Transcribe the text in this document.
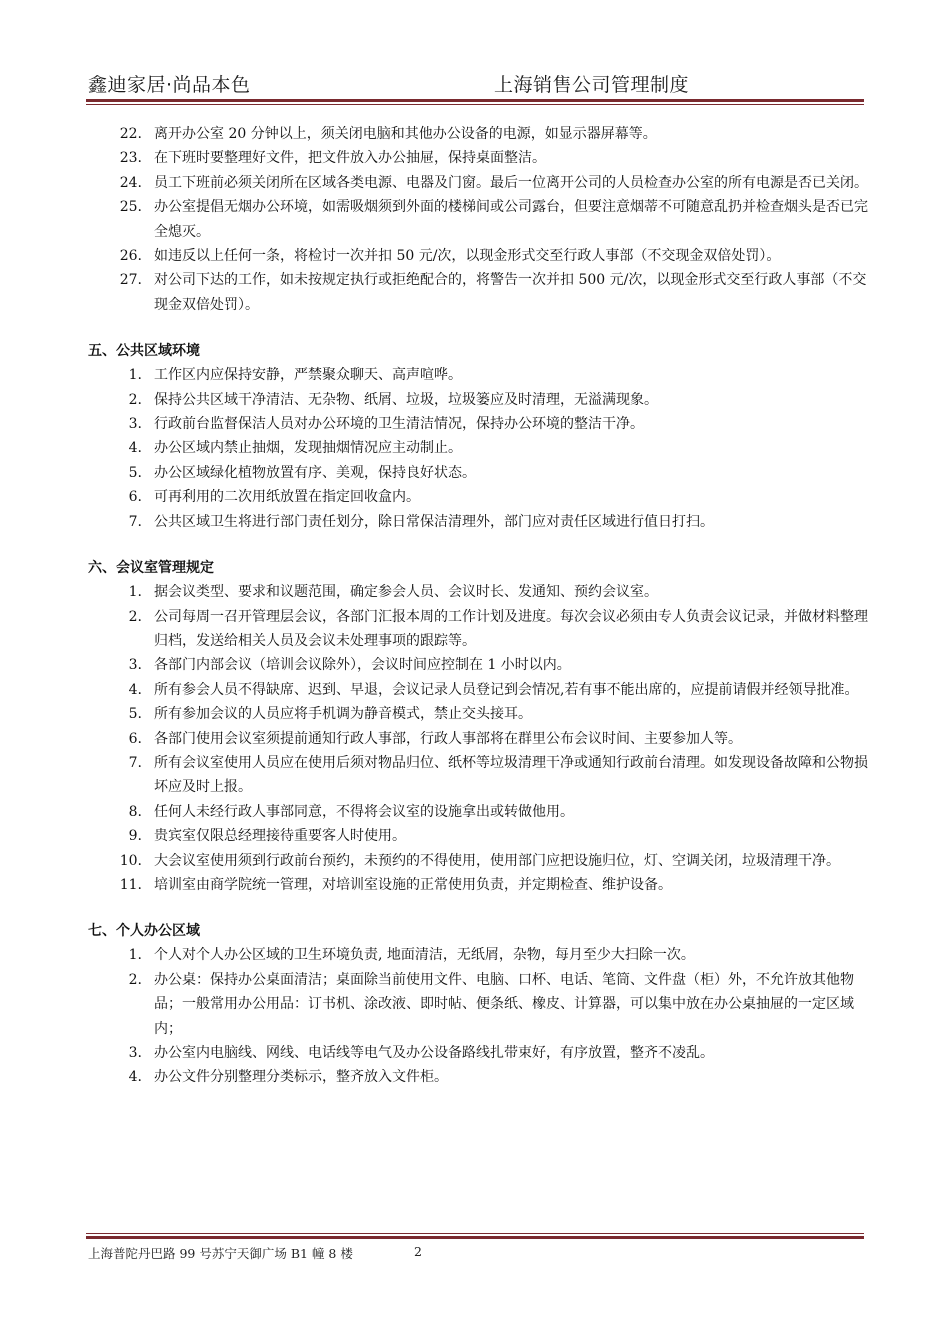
鑫迪家居·尚品本色	上海销售公司管理制度
22. 离开办公室 20 分钟以上，须关闭电脑和其他办公设备的电源，如显示器屏幕等。
23. 在下班时要整理好文件，把文件放入办公抽屉，保持桌面整洁。
24. 员工下班前必须关闭所在区域各类电源、电器及门窗。最后一位离开公司的人员检查办公室的所有电源是否已关闭。
25. 办公室提倡无烟办公环境，如需吸烟须到外面的楼梯间或公司露台，但要注意烟蒂不可随意乱扔并检查烟头是否已完全熄灭。
26. 如违反以上任何一条，将检讨一次并扣 50 元/次，以现金形式交至行政人事部（不交现金双倍处罚）。
27. 对公司下达的工作，如未按规定执行或拒绝配合的，将警告一次并扣 500 元/次，以现金形式交至行政人事部（不交现金双倍处罚）。
五、公共区域环境
1. 工作区内应保持安静，严禁聚众聊天、高声喧哗。
2. 保持公共区域干净清洁、无杂物、纸屑、垃圾，垃圾篓应及时清理，无溢满现象。
3. 行政前台监督保洁人员对办公环境的卫生清洁情况，保持办公环境的整洁干净。
4. 办公区域内禁止抽烟，发现抽烟情况应主动制止。
5. 办公区域绿化植物放置有序、美观，保持良好状态。
6. 可再利用的二次用纸放置在指定回收盒内。
7. 公共区域卫生将进行部门责任划分，除日常保洁清理外，部门应对责任区域进行值日打扫。
六、会议室管理规定
1. 据会议类型、要求和议题范围，确定参会人员、会议时长、发通知、预约会议室。
2. 公司每周一召开管理层会议，各部门汇报本周的工作计划及进度。每次会议必须由专人负责会议记录，并做材料整理归档，发送给相关人员及会议未处理事项的跟踪等。
3. 各部门内部会议（培训会议除外），会议时间应控制在 1 小时以内。
4. 所有参会人员不得缺席、迟到、早退，会议记录人员登记到会情况,若有事不能出席的，应提前请假并经领导批准。
5. 所有参加会议的人员应将手机调为静音模式，禁止交头接耳。
6. 各部门使用会议室须提前通知行政人事部，行政人事部将在群里公布会议时间、主要参加人等。
7. 所有会议室使用人员应在使用后须对物品归位、纸杯等垃圾清理干净或通知行政前台清理。如发现设备故障和公物损坏应及时上报。
8. 任何人未经行政人事部同意，不得将会议室的设施拿出或转做他用。
9. 贵宾室仅限总经理接待重要客人时使用。
10. 大会议室使用须到行政前台预约，未预约的不得使用，使用部门应把设施归位，灯、空调关闭，垃圾清理干净。
11. 培训室由商学院统一管理，对培训室设施的正常使用负责，并定期检查、维护设备。
七、个人办公区域
1. 个人对个人办公区域的卫生环境负责, 地面清洁，无纸屑，杂物，每月至少大扫除一次。
2. 办公桌：保持办公桌面清洁；桌面除当前使用文件、电脑、口杯、电话、笔筒、文件盘（柜）外，不允许放其他物品；一般常用办公用品：订书机、涂改液、即时帖、便条纸、橡皮、计算器，可以集中放在办公桌抽屉的一定区域内；
3. 办公室内电脑线、网线、电话线等电气及办公设备路线扎带束好，有序放置，整齐不凌乱。
4. 办公文件分别整理分类标示，整齐放入文件柜。
上海普陀丹巴路 99 号苏宁天御广场 B1 幢 8 楼	2
